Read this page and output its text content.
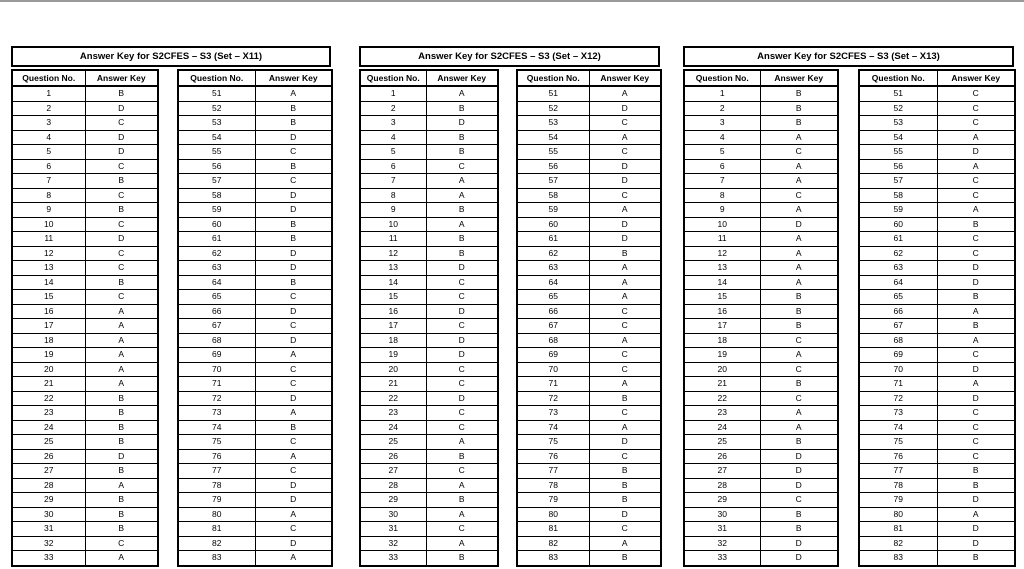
Answer Key for S2CFES – S3 (Set – X11)
Question No.	Answer Key
1	B
2	D
3	C
4	D
5	D
6	C
7	B
8	C
9	B
10	C
11	D
12	C
13	C
14	B
15	C
16	A
17	A
18	A
19	A
20	A
21	A
22	B
23	B
24	B
25	B
26	D
27	B
28	A
29	B
30	B
31	B
32	C
33	A
Question No.	Answer Key
51	A
52	B
53	B
54	D
55	C
56	B
57	C
58	D
59	D
60	B
61	B
62	D
63	D
64	B
65	C
66	D
67	C
68	D
69	A
70	C
71	C
72	D
73	A
74	B
75	C
76	A
77	C
78	D
79	D
80	A
81	C
82	D
83	A
Answer Key for S2CFES – S3 (Set – X12)
Question No.	Answer Key
1	A
2	B
3	D
4	B
5	B
6	C
7	A
8	A
9	B
10	A
11	B
12	B
13	D
14	C
15	C
16	D
17	C
18	D
19	D
20	C
21	C
22	D
23	C
24	C
25	A
26	B
27	C
28	A
29	B
30	A
31	C
32	A
33	B
Question No.	Answer Key
51	A
52	D
53	C
54	A
55	C
56	D
57	D
58	C
59	A
60	D
61	D
62	B
63	A
64	A
65	A
66	C
67	C
68	A
69	C
70	C
71	A
72	B
73	C
74	A
75	D
76	C
77	B
78	B
79	B
80	D
81	C
82	A
83	B
Answer Key for S2CFES – S3 (Set – X13)
Question No.	Answer Key
1	B
2	B
3	B
4	A
5	C
6	A
7	A
8	C
9	A
10	D
11	A
12	A
13	A
14	A
15	B
16	B
17	B
18	C
19	A
20	C
21	B
22	C
23	A
24	A
25	B
26	D
27	D
28	D
29	C
30	B
31	B
32	D
33	D
Question No.	Answer Key
51	C
52	C
53	C
54	A
55	D
56	A
57	C
58	C
59	A
60	B
61	C
62	C
63	D
64	D
65	B
66	A
67	B
68	A
69	C
70	D
71	A
72	D
73	C
74	C
75	C
76	C
77	B
78	B
79	D
80	A
81	D
82	D
83	B
